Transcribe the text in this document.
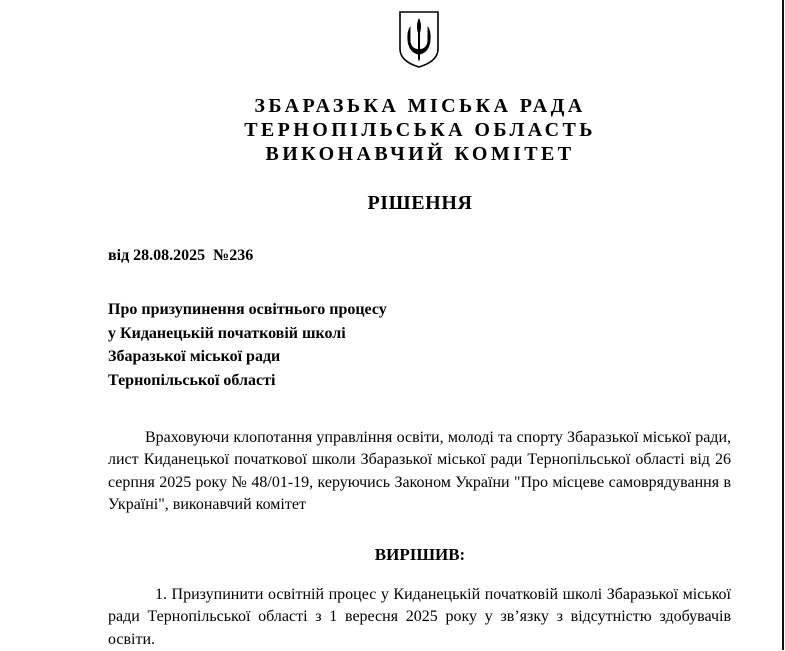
ЗБАРАЗЬКА МІСЬКА РАДА
ТЕРНОПІЛЬСЬКА ОБЛАСТЬ
ВИКОНАВЧИЙ КОМІТЕТ
РІШЕННЯ
від 28.08.2025  №236
Про призупинення освітнього процесу
у Киданецькій початковій школі
Збаразької міської ради
Тернопільської області
Враховуючи клопотання управління освіти, молоді та спорту Збаразької міської ради, лист Киданецької початкової школи Збаразької міської ради Тернопільської області від 26 серпня 2025 року № 48/01-19, керуючись Законом України "Про місцеве самоврядування в Україні", виконавчий комітет
ВИРІШИВ:
1. Призупинити освітній процес у Киданецькій початковій школі Збаразької міської ради Тернопільської області з 1 вересня 2025 року у зв’язку з відсутністю здобувачів освіти.
